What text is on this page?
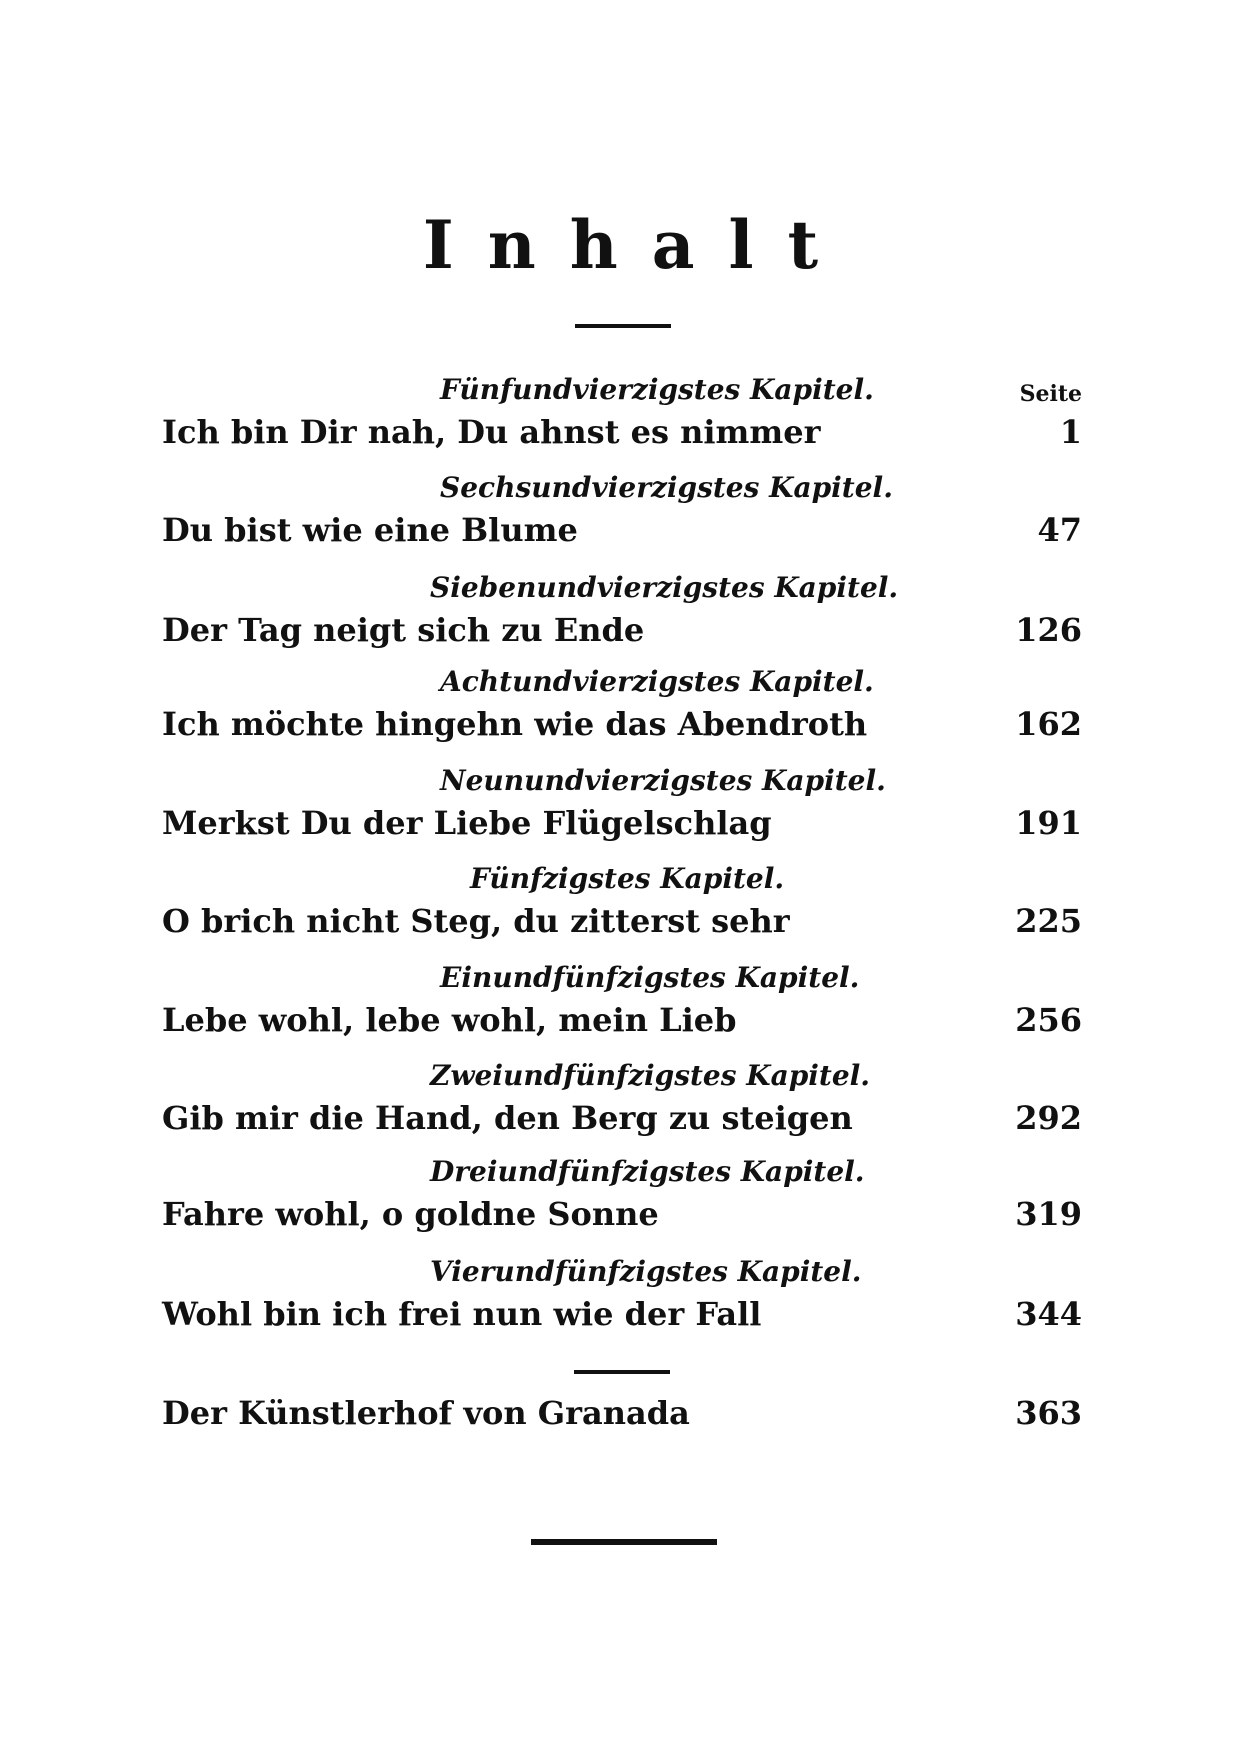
Inhalt
Seite
Fünfundvierzigstes Kapitel.
Ich bin Dir nah, Du ahnst es nimmer	1
Sechsundvierzigstes Kapitel.
Du bist wie eine Blume	47
Siebenundvierzigstes Kapitel.
Der Tag neigt sich zu Ende	126
Achtundvierzigstes Kapitel.
Ich möchte hingehn wie das Abendroth	162
Neunundvierzigstes Kapitel.
Merkst Du der Liebe Flügelschlag	191
Fünfzigstes Kapitel.
O brich nicht Steg, du zitterst sehr	225
Einundfünfzigstes Kapitel.
Lebe wohl, lebe wohl, mein Lieb	256
Zweiundfünfzigstes Kapitel.
Gib mir die Hand, den Berg zu steigen	292
Dreiundfünfzigstes Kapitel.
Fahre wohl, o goldne Sonne	319
Vierundfünfzigstes Kapitel.
Wohl bin ich frei nun wie der Fall	344
Der Künstlerhof von Granada	363
